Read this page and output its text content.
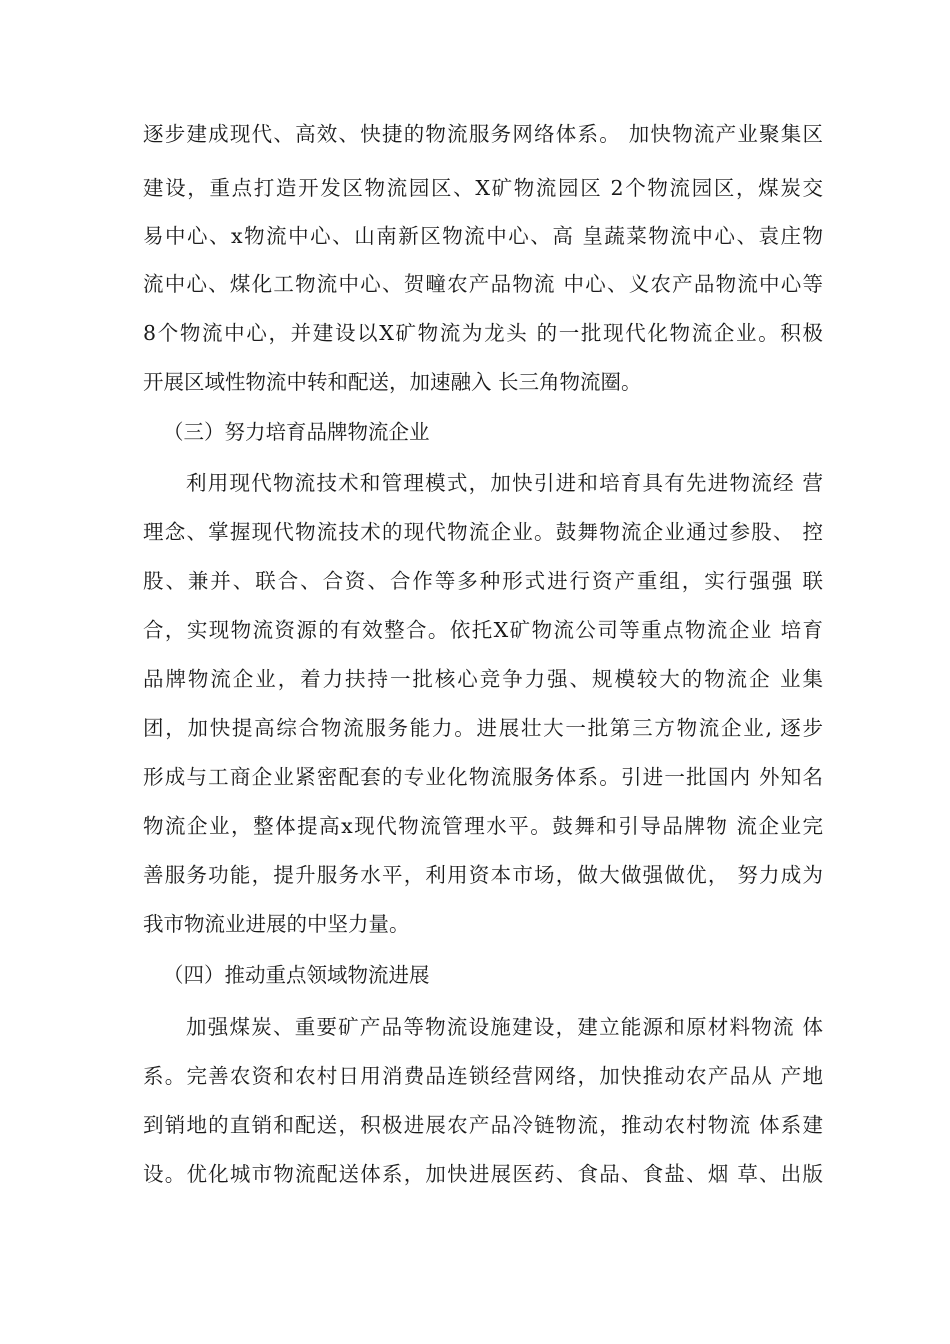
逐步建成现代、高效、快捷的物流服务网络体系。 加快物流产业聚集区
建设，重点打造开发区物流园区、X矿物流园区 2个物流园区，煤炭交
易中心、x物流中心、山南新区物流中心、高 皇蔬菜物流中心、袁庄物
流中心、煤化工物流中心、贺疃农产品物流 中心、义农产品物流中心等
8个物流中心，并建设以X矿物流为龙头 的一批现代化物流企业。积极
开展区域性物流中转和配送，加速融入 长三角物流圈。
（三）努力培育品牌物流企业
利用现代物流技术和管理模式，加快引进和培育具有先进物流经 营
理念、掌握现代物流技术的现代物流企业。鼓舞物流企业通过参股、 控
股、兼并、联合、合资、合作等多种形式进行资产重组，实行强强 联
合，实现物流资源的有效整合。依托X矿物流公司等重点物流企业 培育
品牌物流企业，着力扶持一批核心竞争力强、规模较大的物流企 业集
团，加快提高综合物流服务能力。进展壮大一批第三方物流企业, 逐步
形成与工商企业紧密配套的专业化物流服务体系。引进一批国内 外知名
物流企业，整体提高x现代物流管理水平。鼓舞和引导品牌物 流企业完
善服务功能，提升服务水平，利用资本市场，做大做强做优， 努力成为
我市物流业进展的中坚力量。
（四）推动重点领域物流进展
加强煤炭、重要矿产品等物流设施建设，建立能源和原材料物流 体
系。完善农资和农村日用消费品连锁经营网络，加快推动农产品从 产地
到销地的直销和配送，积极进展农产品冷链物流，推动农村物流 体系建
设。优化城市物流配送体系，加快进展医药、食品、食盐、烟 草、出版
